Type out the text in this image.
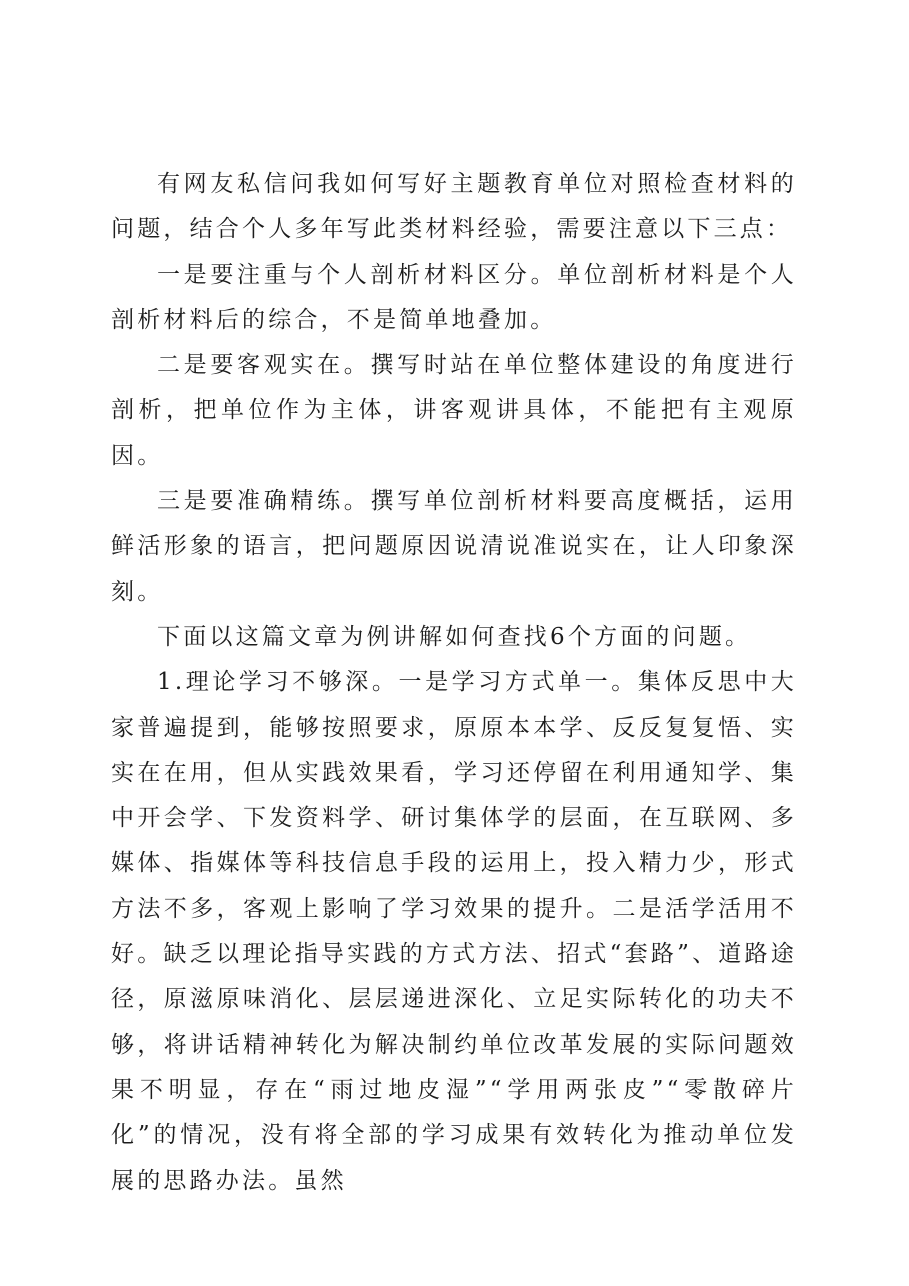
有网友私信问我如何写好主题教育单位对照检查材料的问题，结合个人多年写此类材料经验，需要注意以下三点：

一是要注重与个人剖析材料区分。单位剖析材料是个人剖析材料后的综合，不是简单地叠加。

二是要客观实在。撰写时站在单位整体建设的角度进行剖析，把单位作为主体，讲客观讲具体，不能把有主观原因。

三是要准确精练。撰写单位剖析材料要高度概括，运用鲜活形象的语言，把问题原因说清说准说实在，让人印象深刻。

下面以这篇文章为例讲解如何查找6个方面的问题。

1.理论学习不够深。一是学习方式单一。集体反思中大家普遍提到，能够按照要求，原原本本学、反反复复悟、实实在在用，但从实践效果看，学习还停留在利用通知学、集中开会学、下发资料学、研讨集体学的层面，在互联网、多媒体、指媒体等科技信息手段的运用上，投入精力少，形式方法不多，客观上影响了学习效果的提升。二是活学活用不好。缺乏以理论指导实践的方式方法、招式“套路”、道路途径，原滋原味消化、层层递进深化、立足实际转化的功夫不够，将讲话精神转化为解决制约单位改革发展的实际问题效果不明显，存在“雨过地皮湿”“学用两张皮”“零散碎片化”的情况，没有将全部的学习成果有效转化为推动单位发展的思路办法。虽然
